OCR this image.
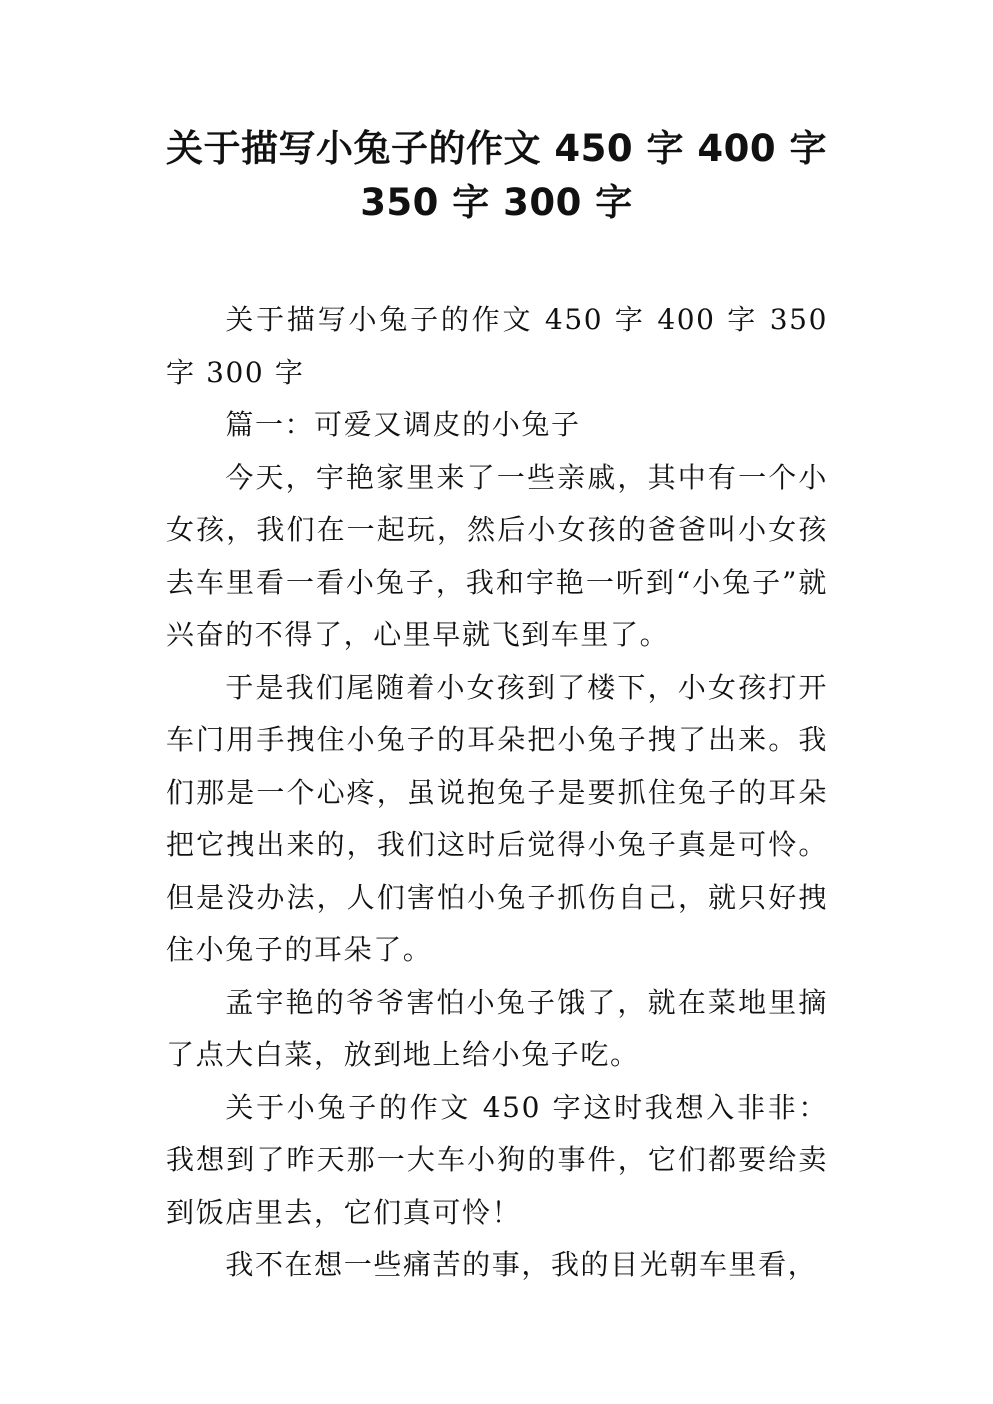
关于描写小兔子的作文 450 字 400 字
350 字 300 字

关于描写小兔子的作文 450 字 400 字 350 字 300 字

篇一：可爱又调皮的小兔子

今天，宇艳家里来了一些亲戚，其中有一个小女孩，我们在一起玩，然后小女孩的爸爸叫小女孩去车里看一看小兔子，我和宇艳一听到“小兔子”就兴奋的不得了，心里早就飞到车里了。

于是我们尾随着小女孩到了楼下，小女孩打开车门用手拽住小兔子的耳朵把小兔子拽了出来。我们那是一个心疼，虽说抱兔子是要抓住兔子的耳朵把它拽出来的，我们这时后觉得小兔子真是可怜。但是没办法，人们害怕小兔子抓伤自己，就只好拽住小兔子的耳朵了。

孟宇艳的爷爷害怕小兔子饿了，就在菜地里摘了点大白菜，放到地上给小兔子吃。

关于小兔子的作文 450 字这时我想入非非：我想到了昨天那一大车小狗的事件，它们都要给卖到饭店里去，它们真可怜！

我不在想一些痛苦的事，我的目光朝车里看，
